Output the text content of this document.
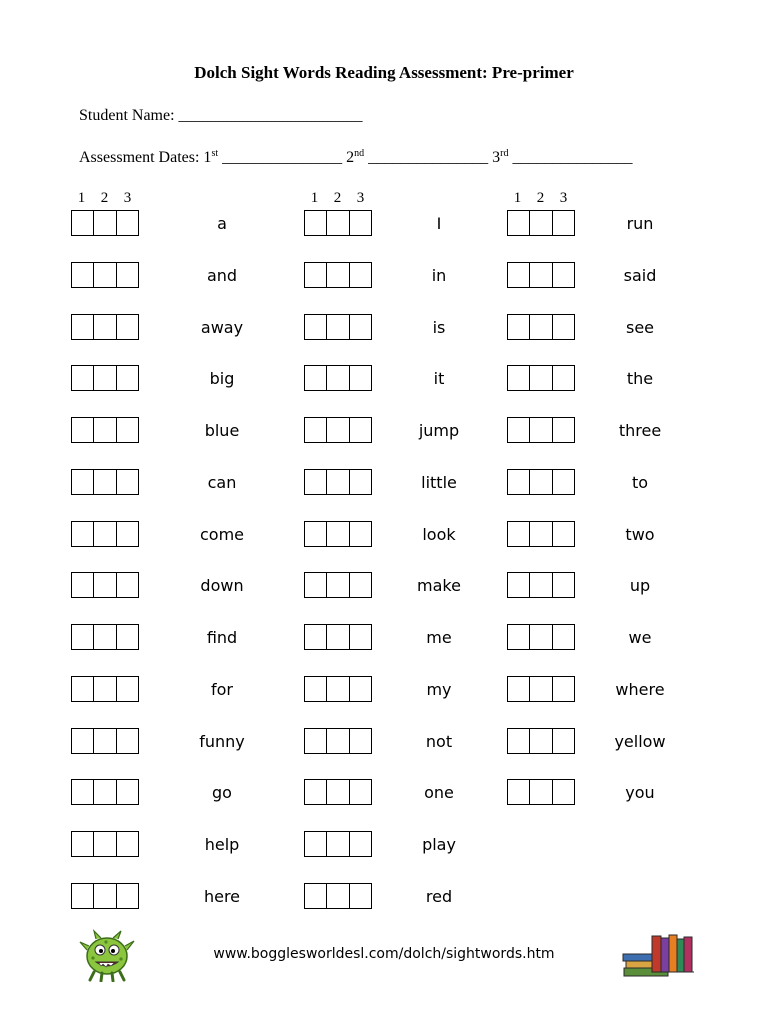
Dolch Sight Words Reading Assessment: Pre-primer
Student Name: _______________________
Assessment Dates: 1st _______________ 2nd _______________ 3rd _______________
1 2 3	1 2 3	1 2 3
a
and
away
big
blue
can
come
down
find
for
funny
go
help
here
I
in
is
it
jump
little
look
make
me
my
not
one
play
red
run
said
see
the
three
to
two
up
we
where
yellow
you
www.bogglesworldesl.com/dolch/sightwords.htm
